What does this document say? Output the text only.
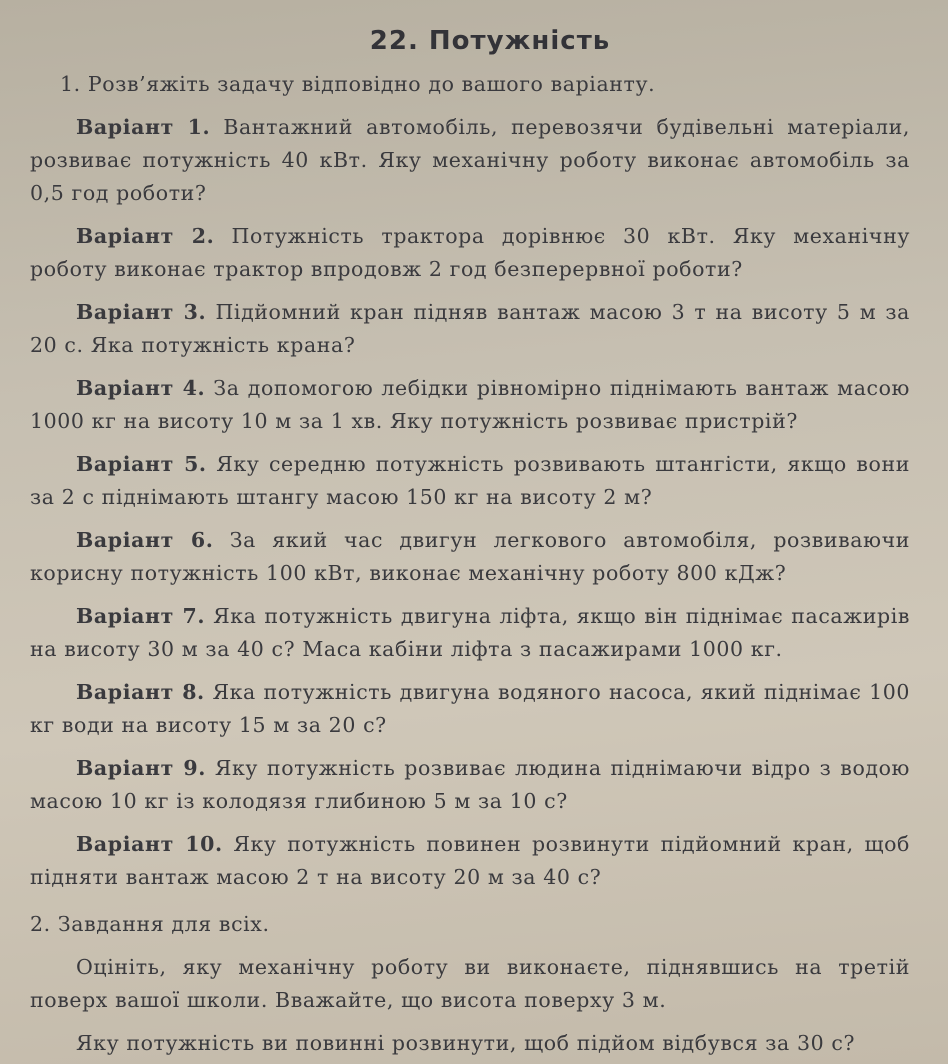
22. Потужність

1. Розв’яжіть задачу відповідно до вашого варіанту.

Варіант 1. Вантажний автомобіль, перевозячи будівельні матеріали, розвиває потужність 40 кВт. Яку механічну роботу виконає автомобіль за 0,5 год роботи?

Варіант 2. Потужність трактора дорівнює 30 кВт. Яку механічну роботу виконає трактор впродовж 2 год безперервної роботи?

Варіант 3. Підйомний кран підняв вантаж масою 3 т на висоту 5 м за 20 с. Яка потужність крана?

Варіант 4. За допомогою лебідки рівномірно піднімають вантаж масою 1000 кг на висоту 10 м за 1 хв. Яку потужність розвиває пристрій?

Варіант 5. Яку середню потужність розвивають штангісти, якщо вони за 2 с піднімають штангу масою 150 кг на висоту 2 м?

Варіант 6. За який час двигун легкового автомобіля, розвиваючи корисну потужність 100 кВт, виконає механічну роботу 800 кДж?

Варіант 7. Яка потужність двигуна ліфта, якщо він піднімає пасажирів на висоту 30 м за 40 с? Маса кабіни ліфта з пасажирами 1000 кг.

Варіант 8. Яка потужність двигуна водяного насоса, який піднімає 100 кг води на висоту 15 м за 20 с?

Варіант 9. Яку потужність розвиває людина піднімаючи відро з водою масою 10 кг із колодязя глибиною 5 м за 10 с?

Варіант 10. Яку потужність повинен розвинути підйомний кран, щоб підняти вантаж масою 2 т на висоту 20 м за 40 с?

2. Завдання для всіх.

Оцініть, яку механічну роботу ви виконаєте, піднявшись на третій поверх вашої школи. Вважайте, що висота поверху 3 м.

Яку потужність ви повинні розвинути, щоб підйом відбувся за 30 с?
